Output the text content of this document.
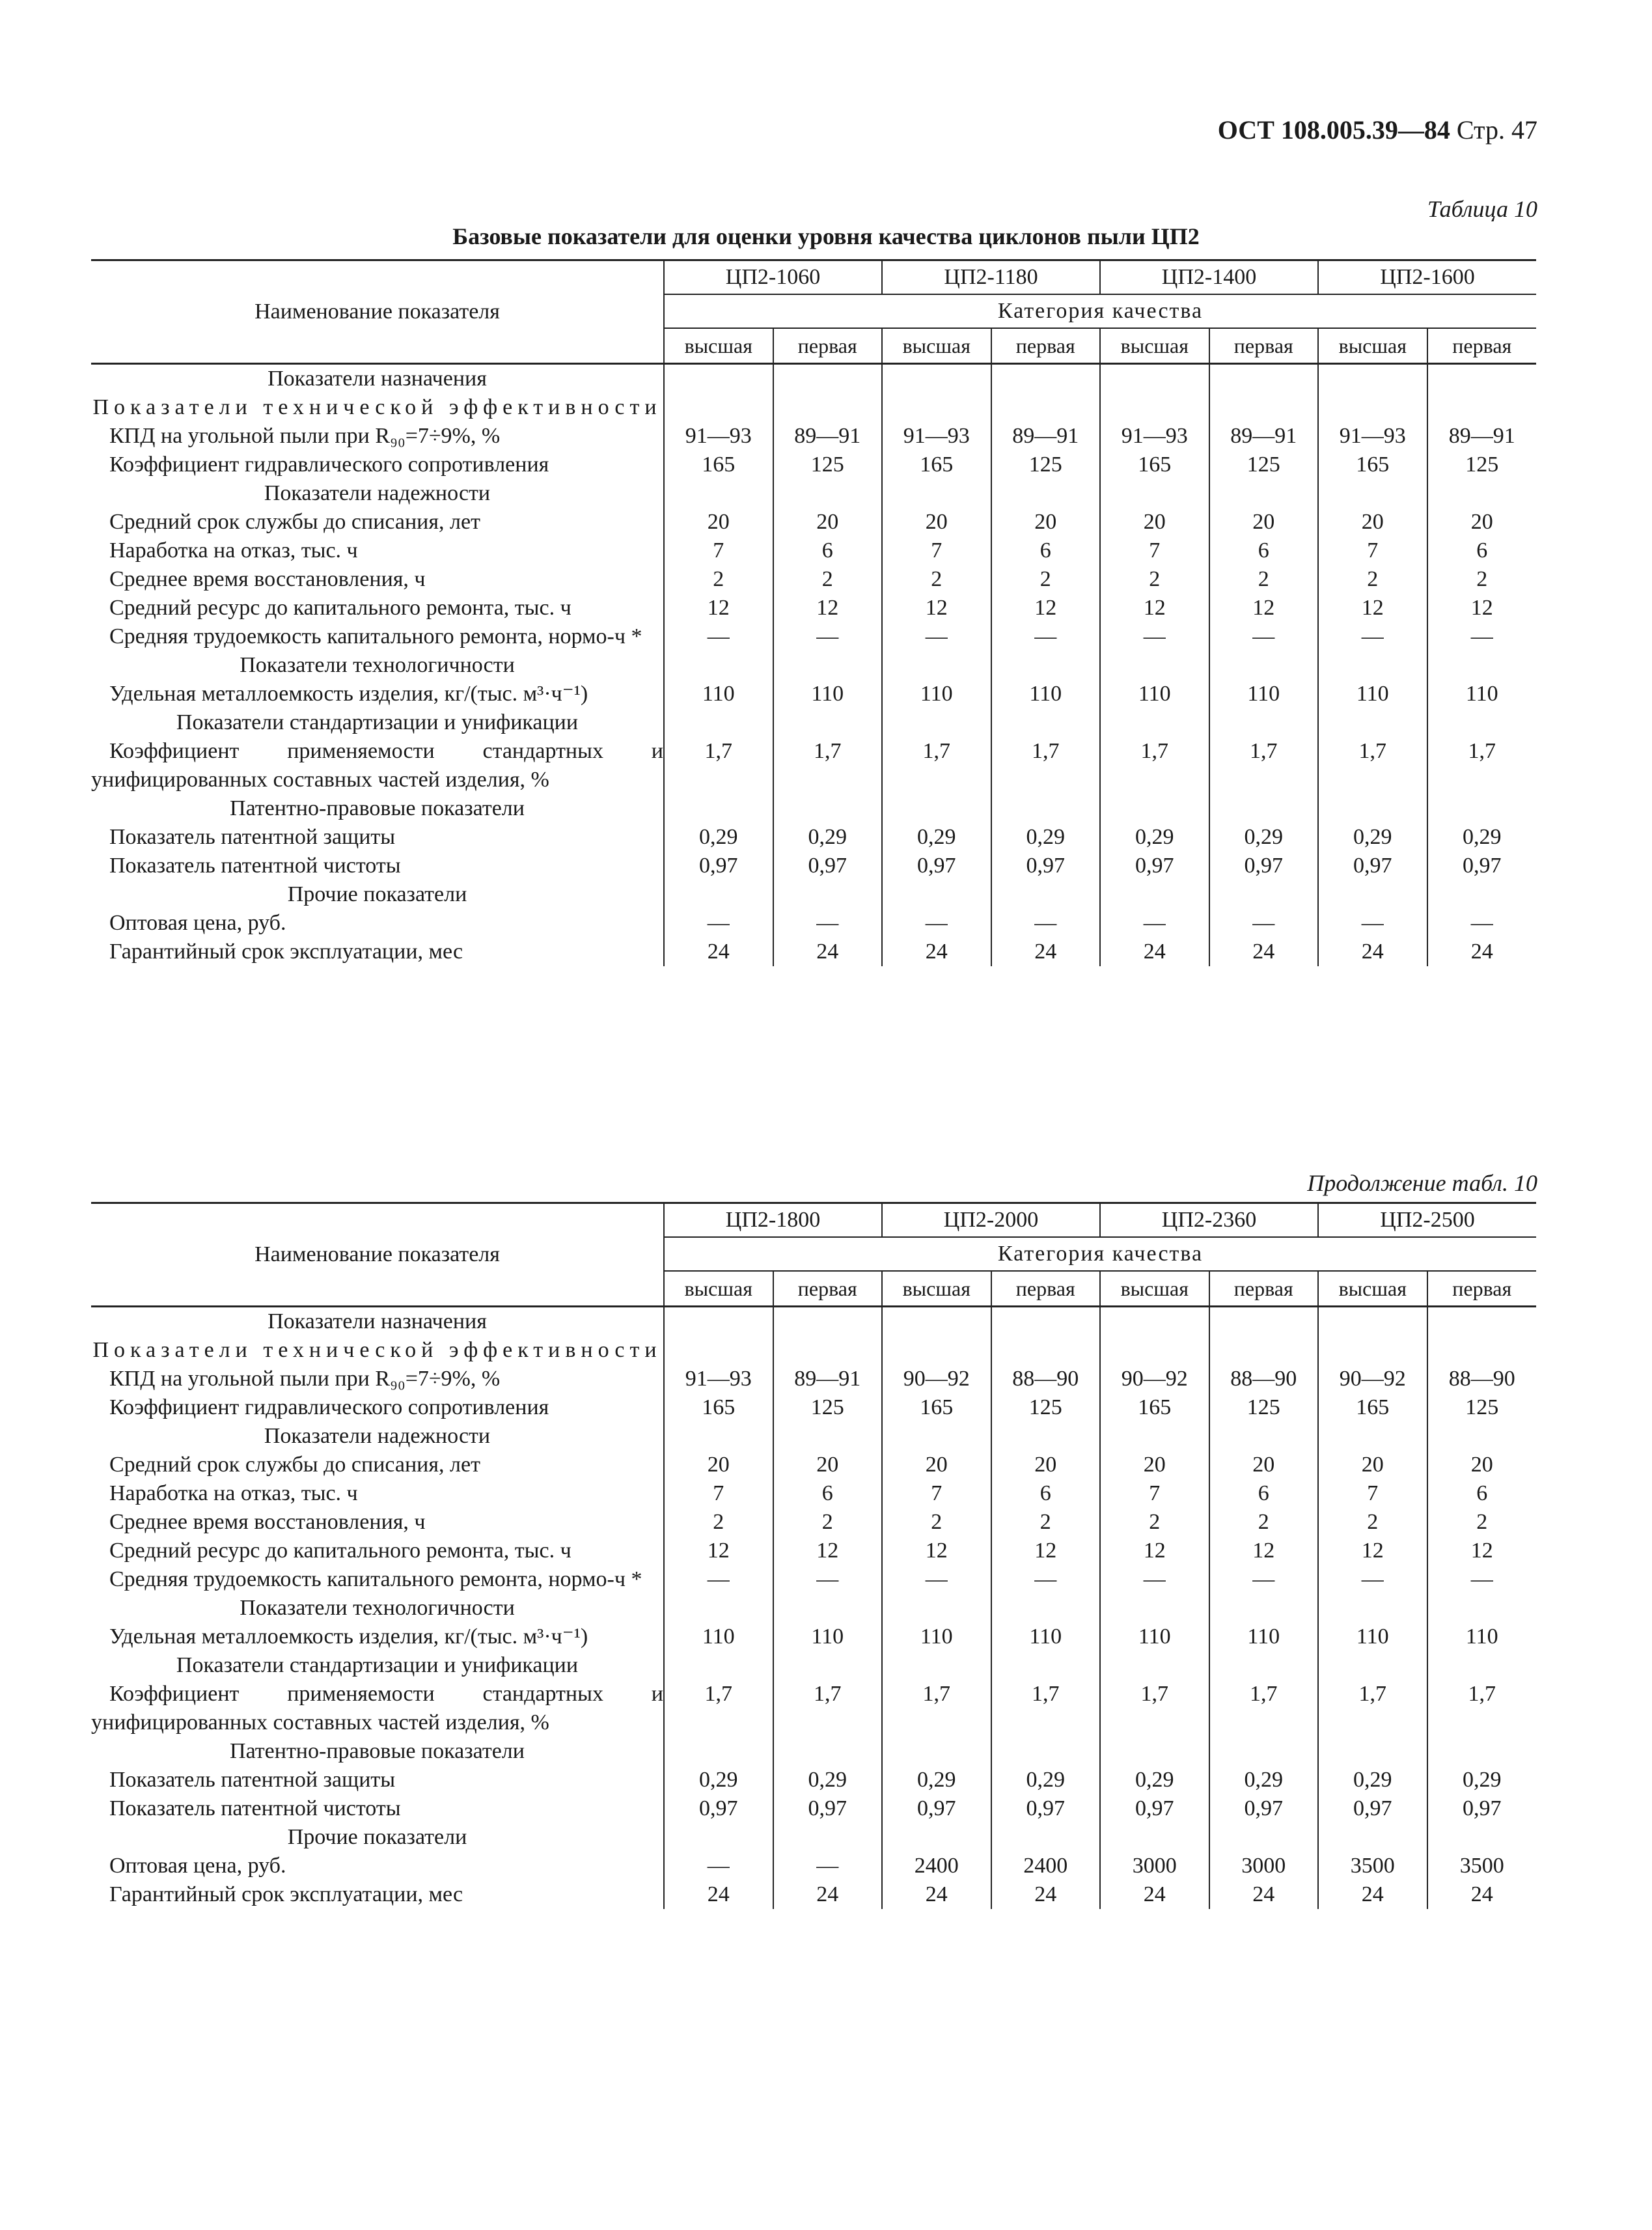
ОСТ 108.005.39—84 Стр. 47
Таблица 10
Базовые показатели для оценки уровня качества циклонов пыли ЦП2
Наименование показателя	ЦП2-1060		ЦП2-1180		ЦП2-1400		ЦП2-1600	
	Категория качества							
	высшая	первая	высшая	первая	высшая	первая	высшая	первая
Показатели назначения								
Показатели технической эффективности								
КПД на угольной пыли при R₉₀=7÷9%, %	91—93	89—91	91—93	89—91	91—93	89—91	91—93	89—91
Коэффициент гидравлического сопротивления	165	125	165	125	165	125	165	125
Показатели надежности								
Средний срок службы до списания, лет	20	20	20	20	20	20	20	20
Наработка на отказ, тыс. ч	7	6	7	6	7	6	7	6
Среднее время восстановления, ч	2	2	2	2	2	2	2	2
Средний ресурс до капитального ремонта, тыс. ч	12	12	12	12	12	12	12	12
Средняя трудоемкость капитального ремонта, нормо-ч *	—	—	—	—	—	—	—	—
Показатели технологичности								
Удельная металлоемкость изделия, кг/(тыс. м³·ч⁻¹)	110	110	110	110	110	110	110	110
Показатели стандартизации и унификации								
Коэффициент применяемости стандартных и унифицированных составных частей изделия, %	1,7	1,7	1,7	1,7	1,7	1,7	1,7	1,7
Патентно-правовые показатели								
Показатель патентной защиты	0,29	0,29	0,29	0,29	0,29	0,29	0,29	0,29
Показатель патентной чистоты	0,97	0,97	0,97	0,97	0,97	0,97	0,97	0,97
Прочие показатели								
Оптовая цена, руб.	—	—	—	—	—	—	—	—
Гарантийный срок эксплуатации, мес	24	24	24	24	24	24	24	24
Продолжение табл. 10
Наименование показателя	ЦП2-1800		ЦП2-2000		ЦП2-2360		ЦП2-2500	
	Категория качества							
	высшая	первая	высшая	первая	высшая	первая	высшая	первая
Показатели назначения								
Показатели технической эффективности								
КПД на угольной пыли при R₉₀=7÷9%, %	91—93	89—91	90—92	88—90	90—92	88—90	90—92	88—90
Коэффициент гидравлического сопротивления	165	125	165	125	165	125	165	125
Показатели надежности								
Средний срок службы до списания, лет	20	20	20	20	20	20	20	20
Наработка на отказ, тыс. ч	7	6	7	6	7	6	7	6
Среднее время восстановления, ч	2	2	2	2	2	2	2	2
Средний ресурс до капитального ремонта, тыс. ч	12	12	12	12	12	12	12	12
Средняя трудоемкость капитального ремонта, нормо-ч *	—	—	—	—	—	—	—	—
Показатели технологичности								
Удельная металлоемкость изделия, кг/(тыс. м³·ч⁻¹)	110	110	110	110	110	110	110	110
Показатели стандартизации и унификации								
Коэффициент применяемости стандартных и унифицированных составных частей изделия, %	1,7	1,7	1,7	1,7	1,7	1,7	1,7	1,7
Патентно-правовые показатели								
Показатель патентной защиты	0,29	0,29	0,29	0,29	0,29	0,29	0,29	0,29
Показатель патентной чистоты	0,97	0,97	0,97	0,97	0,97	0,97	0,97	0,97
Прочие показатели								
Оптовая цена, руб.	—	—	2400	2400	3000	3000	3500	3500
Гарантийный срок эксплуатации, мес	24	24	24	24	24	24	24	24
